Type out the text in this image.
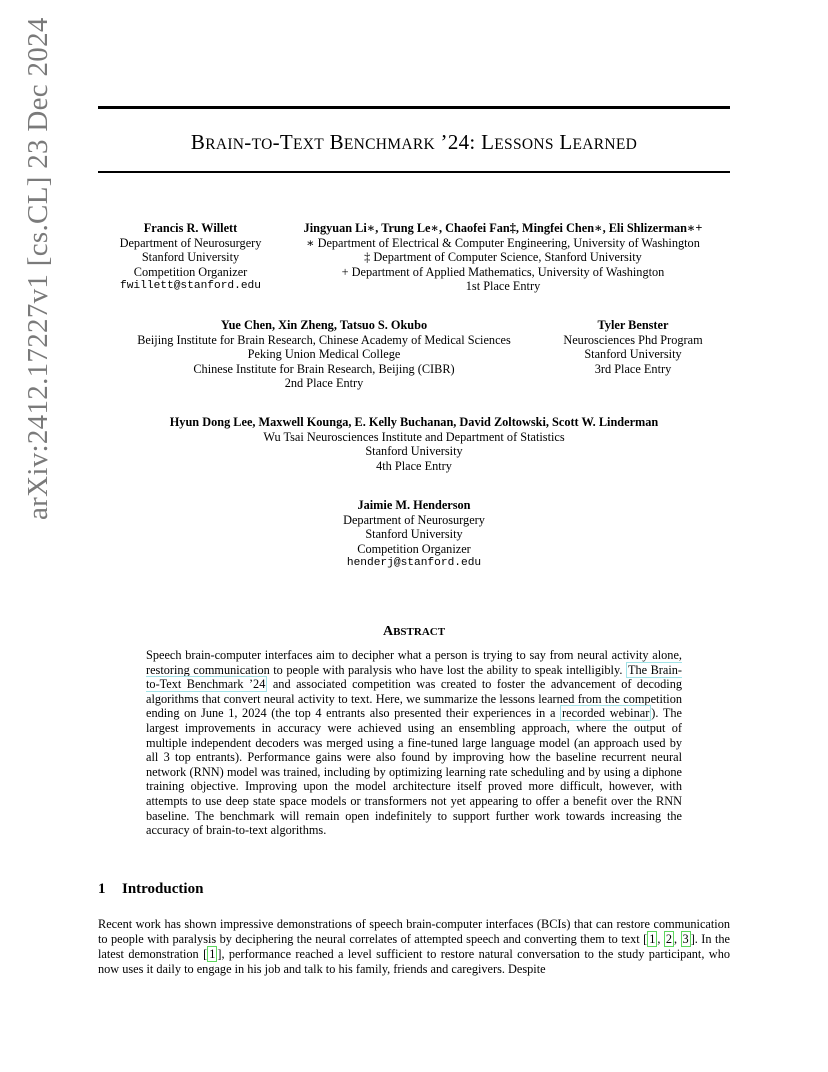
arXiv:2412.17227v1 [cs.CL] 23 Dec 2024	BRAIN-TO-TEXT BENCHMARK ’24: LESSONS LEARNED
Francis R. Willett
Department of Neurosurgery
Stanford University
Competition Organizer
fwillett@stanford.edu
Jingyuan Li∗, Trung Le∗, Chaofei Fan‡, Mingfei Chen∗, Eli Shlizerman∗+
∗ Department of Electrical & Computer Engineering, University of Washington
‡ Department of Computer Science, Stanford University
+ Department of Applied Mathematics, University of Washington
1st Place Entry
Yue Chen, Xin Zheng, Tatsuo S. Okubo
Beijing Institute for Brain Research, Chinese Academy of Medical Sciences
Peking Union Medical College
Chinese Institute for Brain Research, Beijing (CIBR)
2nd Place Entry
Tyler Benster
Neurosciences Phd Program
Stanford University
3rd Place Entry
Hyun Dong Lee, Maxwell Kounga, E. Kelly Buchanan, David Zoltowski, Scott W. Linderman
Wu Tsai Neurosciences Institute and Department of Statistics
Stanford University
4th Place Entry
Jaimie M. Henderson
Department of Neurosurgery
Stanford University
Competition Organizer
henderj@stanford.edu
ABSTRACT
Speech brain-computer interfaces aim to decipher what a person is trying to say from neural activity alone, restoring communication to people with paralysis who have lost the ability to speak intelligibly. The Brain-to-Text Benchmark ’24 and associated competition was created to foster the advancement of decoding algorithms that convert neural activity to text. Here, we summarize the lessons learned from the competition ending on June 1, 2024 (the top 4 entrants also presented their experiences in a recorded webinar ). The largest improvements in accuracy were achieved using an ensembling approach, where the output of multiple independent decoders was merged using a fine-tuned large language model (an approach used by all 3 top entrants). Performance gains were also found by improving how the baseline recurrent neural network (RNN) model was trained, including by optimizing learning rate scheduling and by using a diphone training objective. Improving upon the model architecture itself proved more difficult, however, with attempts to use deep state space models or transformers not yet appearing to offer a benefit over the RNN baseline. The benchmark will remain open indefinitely to support further work towards increasing the accuracy of brain-to-text algorithms.
1 Introduction
Recent work has shown impressive demonstrations of speech brain-computer interfaces (BCIs) that can restore communication to people with paralysis by deciphering the neural correlates of attempted speech and converting them to text [ 1 , 2 , 3 ]. In the latest demonstration [ 1 ], performance reached a level sufficient to restore natural conversation to the study participant, who now uses it daily to engage in his job and talk to his family, friends and caregivers. Despite
